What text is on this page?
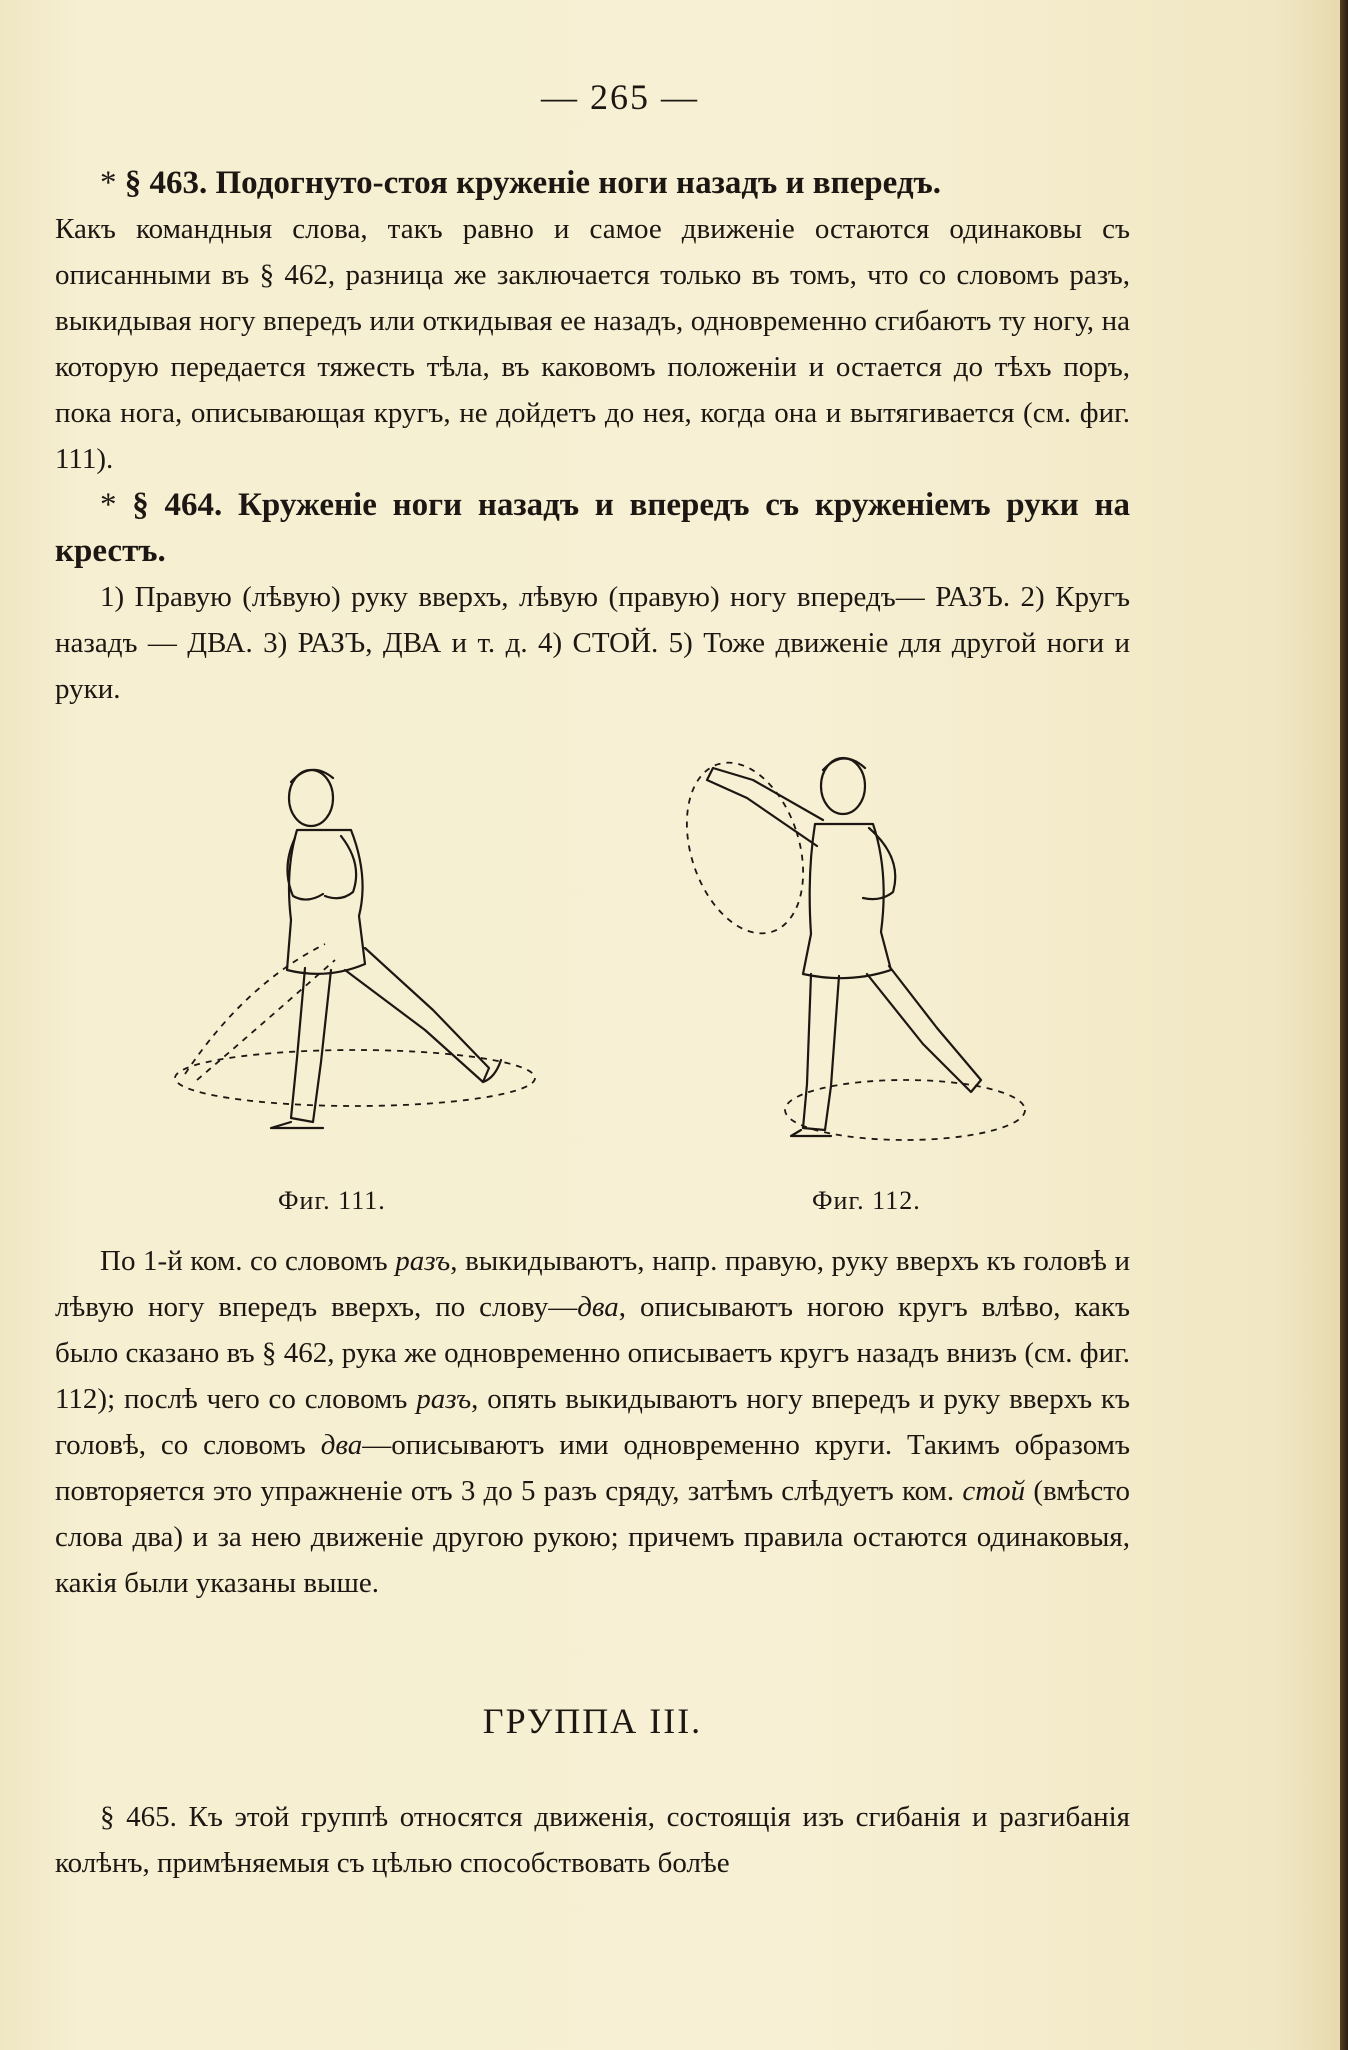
— 265 —

* § 463. Подогнуто-стоя круженіе ноги назадъ и впередъ.

Какъ командныя слова, такъ равно и самое движеніе остаются одинаковы съ описанными въ § 462, разница же заключается только въ томъ, что со словомъ разъ, выкидывая ногу впередъ или откидывая ее назадъ, одновременно сгибаютъ ту ногу, на которую передается тяжесть тѣла, въ каковомъ положеніи и остается до тѣхъ поръ, пока нога, описывающая кругъ, не дойдетъ до нея, когда она и вытягивается (см. фиг. 111).

* § 464. Круженіе ноги назадъ и впередъ съ круженіемъ руки на крестъ.

1) Правую (лѣвую) руку вверхъ, лѣвую (правую) ногу впередъ— РАЗЪ. 2) Кругъ назадъ — ДВА. 3) РАЗЪ, ДВА и т. д. 4) СТОЙ. 5) Тоже движеніе для другой ноги и руки.

Фиг. 111.	Фиг. 112.

По 1-й ком. со словомъ разъ, выкидываютъ, напр. правую, руку вверхъ къ головѣ и лѣвую ногу впередъ вверхъ, по слову—два, описываютъ ногою кругъ влѣво, какъ было сказано въ § 462, рука же одновременно описываетъ кругъ назадъ внизъ (см. фиг. 112); послѣ чего со словомъ разъ, опять выкидываютъ ногу впередъ и руку вверхъ къ головѣ, со словомъ два—описываютъ ими одновременно круги. Такимъ образомъ повторяется это упражненіе отъ 3 до 5 разъ сряду, затѣмъ слѣдуетъ ком. стой (вмѣсто слова два) и за нею движеніе другою рукою; причемъ правила остаются одинаковыя, какія были указаны выше.

ГРУППА III.

§ 465. Къ этой группѣ относятся движенія, состоящія изъ сгибанія и разгибанія колѣнъ, примѣняемыя съ цѣлью способствовать болѣе
